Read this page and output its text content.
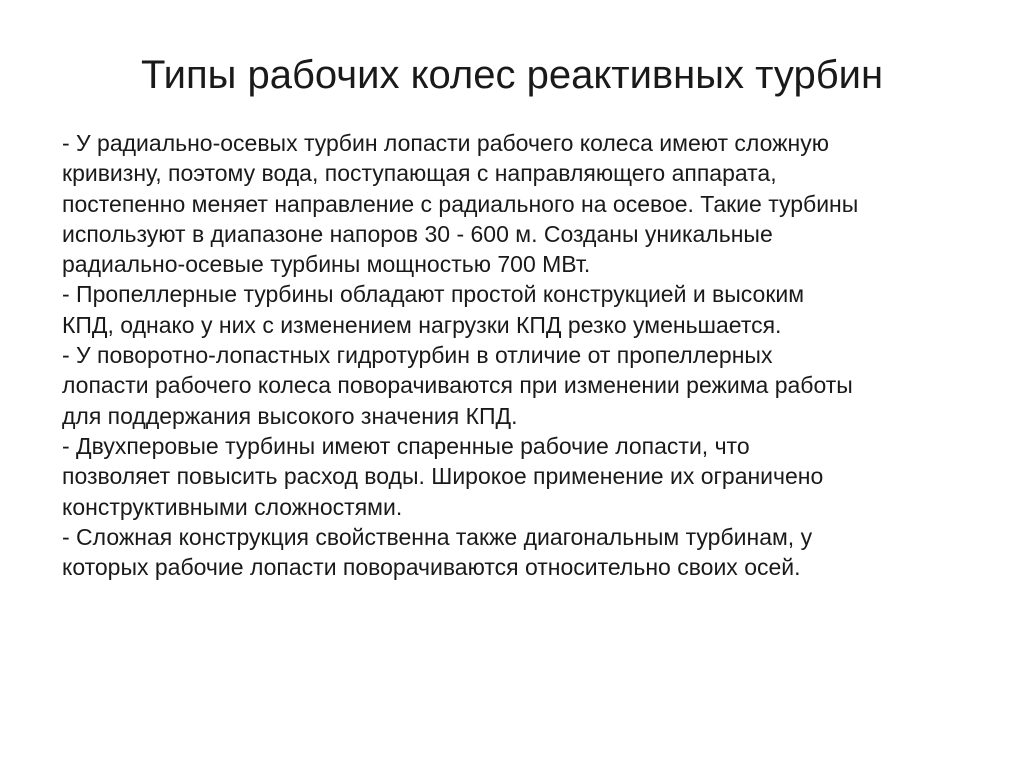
Типы рабочих колес реактивных турбин
- У радиально-осевых турбин лопасти рабочего колеса имеют сложную
кривизну, поэтому вода, поступающая с направляющего аппарата,
постепенно меняет направление с радиального на осевое. Такие турбины
используют в диапазоне напоров 30 - 600 м. Созданы уникальные
радиально-осевые турбины мощностью 700 МВт.
- Пропеллерные турбины обладают простой конструкцией и высоким
КПД, однако у них с изменением нагрузки КПД резко уменьшается.
- У поворотно-лопастных гидротурбин в отличие от пропеллерных
лопасти рабочего колеса поворачиваются при изменении режима работы
для поддержания высокого значения КПД.
- Двухперовые турбины имеют спаренные рабочие лопасти, что
позволяет повысить расход воды. Широкое применение их ограничено
конструктивными сложностями.
- Сложная конструкция свойственна также диагональным турбинам, у
которых рабочие лопасти поворачиваются относительно своих осей.
